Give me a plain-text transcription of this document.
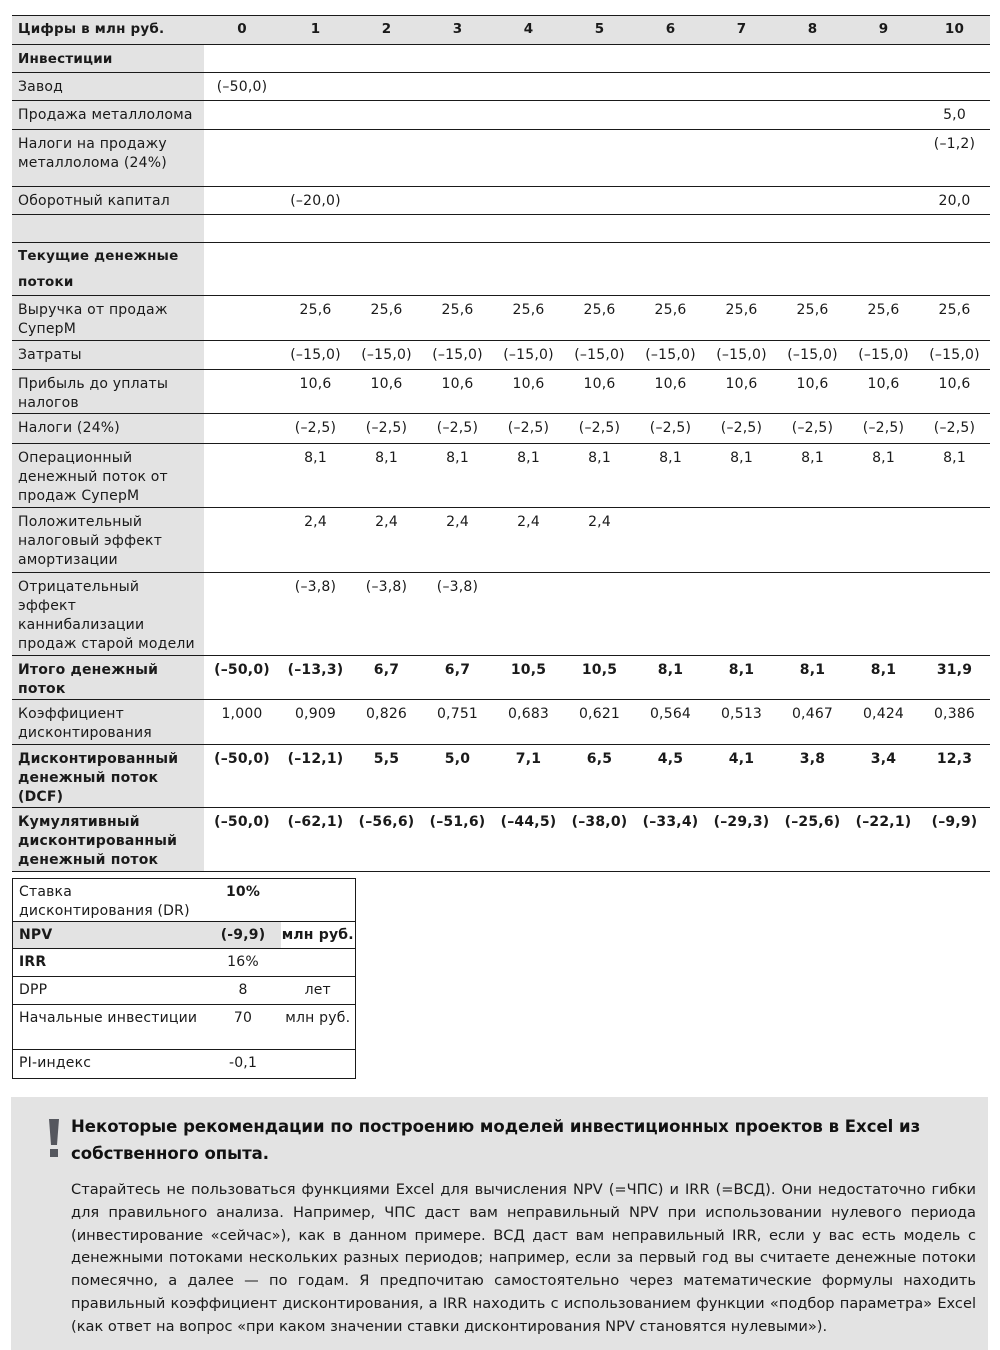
Цифры в млн руб.	0	1	2	3	4	5	6	7	8	9	10
Инвестиции											
Завод	(–50,0)										
Продажа металлолома											5,0
Налоги на продажу металлолома (24%)											(–1,2)
Оборотный капитал		(–20,0)									20,0

Текущие денежные потоки											
Выручка от продаж СуперМ		25,6	25,6	25,6	25,6	25,6	25,6	25,6	25,6	25,6	25,6
Затраты		(–15,0)	(–15,0)	(–15,0)	(–15,0)	(–15,0)	(–15,0)	(–15,0)	(–15,0)	(–15,0)	(–15,0)
Прибыль до уплаты налогов		10,6	10,6	10,6	10,6	10,6	10,6	10,6	10,6	10,6	10,6
Налоги (24%)		(–2,5)	(–2,5)	(–2,5)	(–2,5)	(–2,5)	(–2,5)	(–2,5)	(–2,5)	(–2,5)	(–2,5)
Операционный денежный поток от продаж СуперМ		8,1	8,1	8,1	8,1	8,1	8,1	8,1	8,1	8,1	8,1
Положительный налоговый эффект амортизации		2,4	2,4	2,4	2,4	2,4					
Отрицательный эффект каннибализации продаж старой модели		(–3,8)	(–3,8)	(–3,8)							
Итого денежный поток	(–50,0)	(–13,3)	6,7	6,7	10,5	10,5	8,1	8,1	8,1	8,1	31,9
Коэффициент дисконтирования	1,000	0,909	0,826	0,751	0,683	0,621	0,564	0,513	0,467	0,424	0,386
Дисконтированный денежный поток (DCF)	(–50,0)	(–12,1)	5,5	5,0	7,1	6,5	4,5	4,1	3,8	3,4	12,3
Кумулятивный дисконтированный денежный поток	(–50,0)	(–62,1)	(–56,6)	(–51,6)	(–44,5)	(–38,0)	(–33,4)	(–29,3)	(–25,6)	(–22,1)	(–9,9)
Ставка дисконтирования (DR)	10%	
NPV	(-9,9)	млн руб.
IRR	16%	
DPP	8	лет
Начальные инвестиции	70	млн руб.
PI-индекс	-0,1	
Некоторые рекомендации по построению моделей инвестиционных проектов в Excel из собственного опыта.
Старайтесь не пользоваться функциями Excel для вычисления NPV (=ЧПС) и IRR (=ВСД). Они недостаточно гибки для правильного анализа. Например, ЧПС даст вам неправильный NPV при использовании нулевого периода (инвестирование «сейчас»), как в данном примере. ВСД даст вам неправильный IRR, если у вас есть модель с денежными потоками нескольких разных периодов; например, если за первый год вы считаете денежные потоки помесячно, а далее — по годам. Я предпочитаю самостоятельно через математические формулы находить правильный коэффициент дисконтирования, а IRR находить с использованием функции «подбор параметра» Excel (как ответ на вопрос «при каком значении ставки дисконтирования NPV становятся нулевыми»).
